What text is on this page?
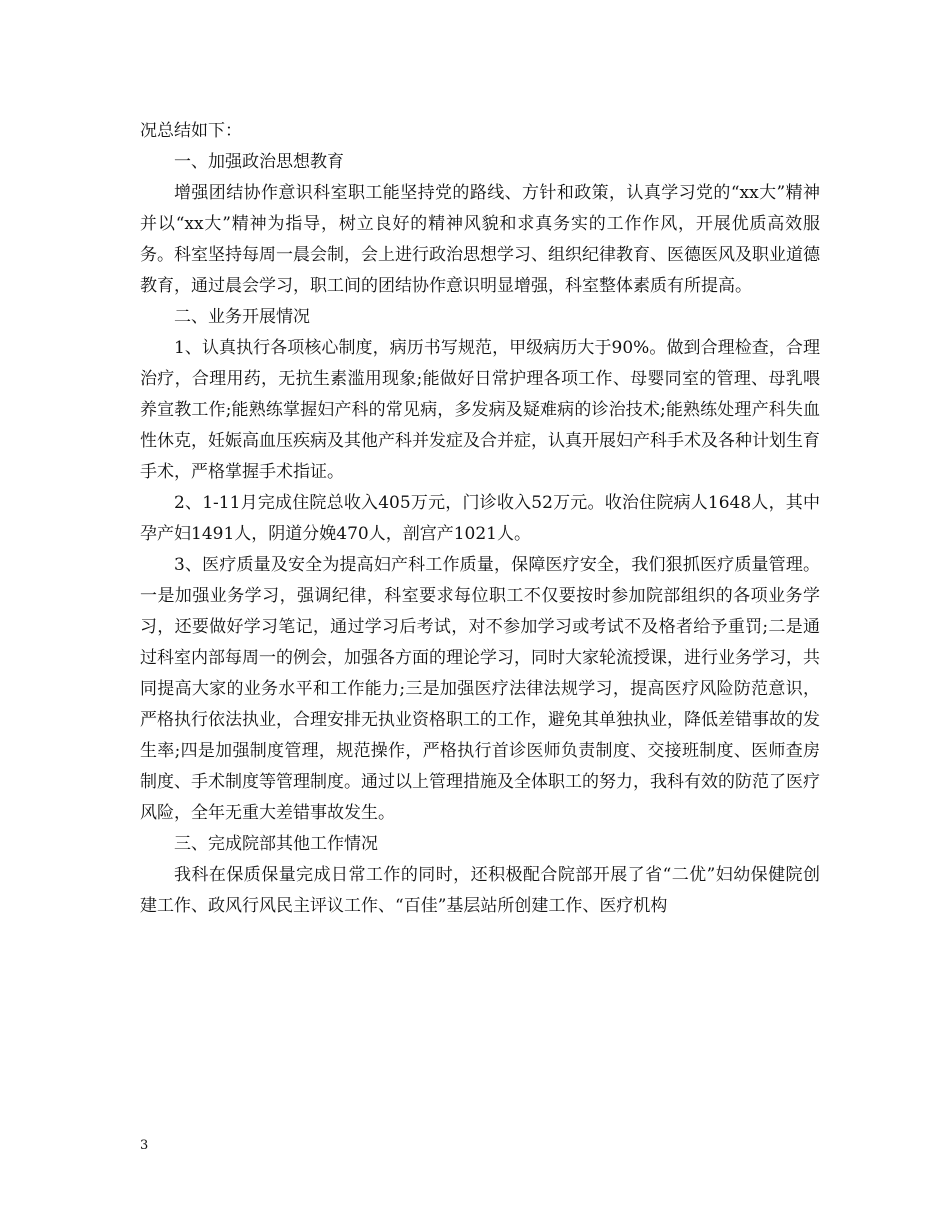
况总结如下：

一、加强政治思想教育

增强团结协作意识科室职工能坚持党的路线、方针和政策，认真学习党的“xx大”精神并以“xx大”精神为指导，树立良好的精神风貌和求真务实的工作作风，开展优质高效服务。科室坚持每周一晨会制，会上进行政治思想学习、组织纪律教育、医德医风及职业道德教育，通过晨会学习，职工间的团结协作意识明显增强，科室整体素质有所提高。

二、业务开展情况

1、认真执行各项核心制度，病历书写规范，甲级病历大于90%。做到合理检查，合理治疗，合理用药，无抗生素滥用现象;能做好日常护理各项工作、母婴同室的管理、母乳喂养宣教工作;能熟练掌握妇产科的常见病，多发病及疑难病的诊治技术;能熟练处理产科失血性休克，妊娠高血压疾病及其他产科并发症及合并症，认真开展妇产科手术及各种计划生育手术，严格掌握手术指证。

2、1-11月完成住院总收入405万元，门诊收入52万元。收治住院病人1648人，其中孕产妇1491人，阴道分娩470人，剖宫产1021人。

3、医疗质量及安全为提高妇产科工作质量，保障医疗安全，我们狠抓医疗质量管理。一是加强业务学习，强调纪律，科室要求每位职工不仅要按时参加院部组织的各项业务学习，还要做好学习笔记，通过学习后考试，对不参加学习或考试不及格者给予重罚;二是通过科室内部每周一的例会，加强各方面的理论学习，同时大家轮流授课，进行业务学习，共同提高大家的业务水平和工作能力;三是加强医疗法律法规学习，提高医疗风险防范意识，严格执行依法执业，合理安排无执业资格职工的工作，避免其单独执业，降低差错事故的发生率;四是加强制度管理，规范操作，严格执行首诊医师负责制度、交接班制度、医师查房制度、手术制度等管理制度。通过以上管理措施及全体职工的努力，我科有效的防范了医疗风险，全年无重大差错事故发生。

三、完成院部其他工作情况

我科在保质保量完成日常工作的同时，还积极配合院部开展了省“二优”妇幼保健院创建工作、政风行风民主评议工作、“百佳”基层站所创建工作、医疗机构

3
